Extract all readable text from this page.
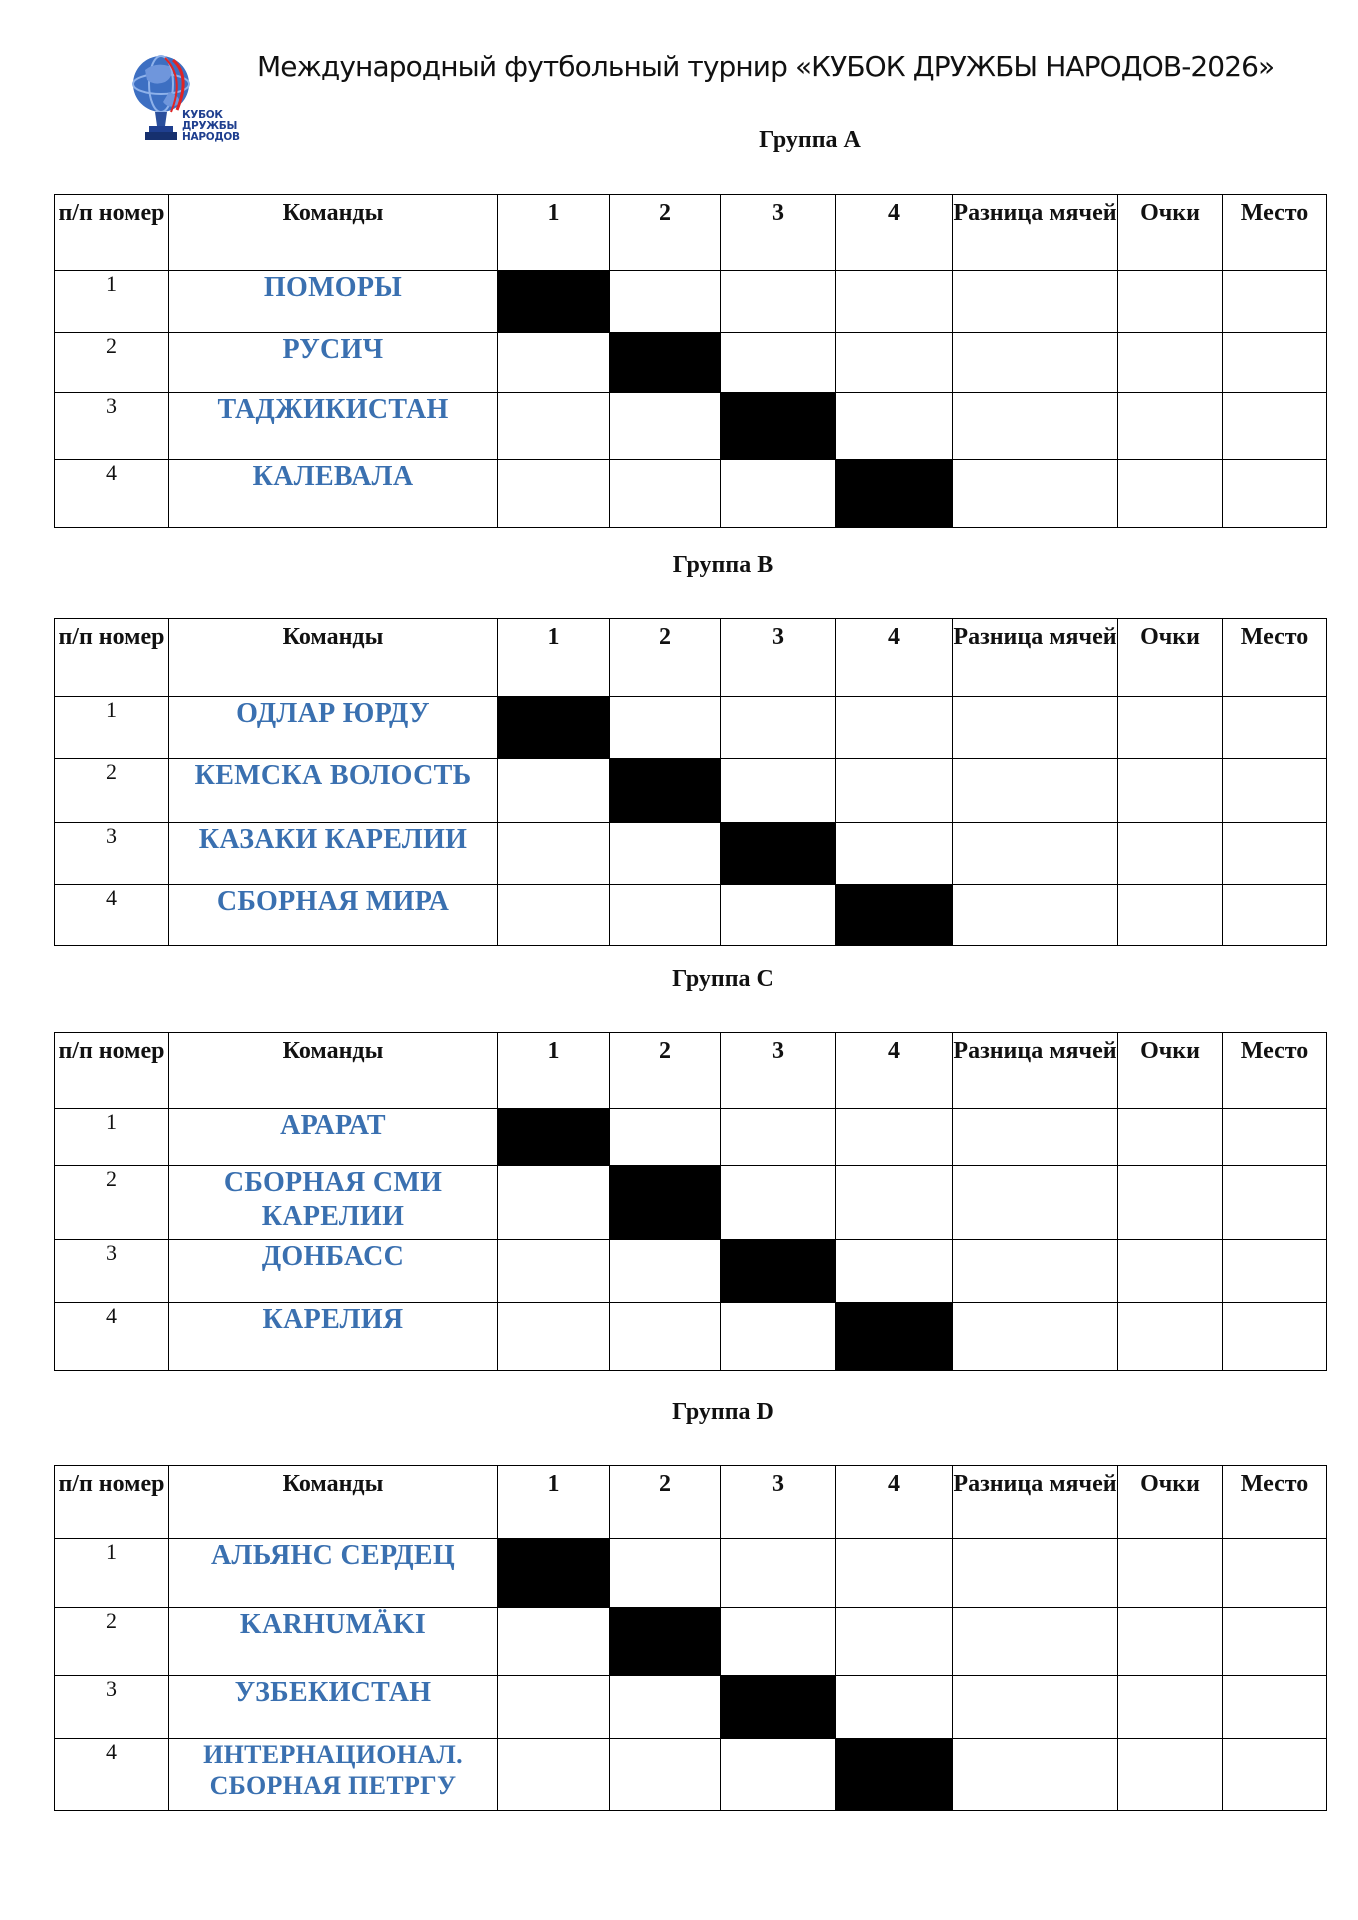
КУБОК
ДРУЖБЫ
НАРОДОВ
Международный футбольный турнир «КУБОК ДРУЖБЫ НАРОДОВ-2026»
Группа А
п/п номер	Команды	1	2	3	4	Разница мячей	Очки	Место
1	ПОМОРЫ							
2	РУСИЧ							
3	ТАДЖИКИСТАН							
4	КАЛЕВАЛА							
Группа В
п/п номер	Команды	1	2	3	4	Разница мячей	Очки	Место
1	ОДЛАР ЮРДУ							
2	КЕМСКА ВОЛОСТЬ							
3	КАЗАКИ КАРЕЛИИ							
4	СБОРНАЯ МИРА							
Группа С
п/п номер	Команды	1	2	3	4	Разница мячей	Очки	Место
1	АРАРАТ							
2	СБОРНАЯ СМИ КАРЕЛИИ							
3	ДОНБАСС							
4	КАРЕЛИЯ							
Группа D
п/п номер	Команды	1	2	3	4	Разница мячей	Очки	Место
1	АЛЬЯНС СЕРДЕЦ							
2	KARHUMÄKI							
3	УЗБЕКИСТАН							
4	ИНТЕРНАЦИОНАЛ. СБОРНАЯ ПЕТРГУ							
